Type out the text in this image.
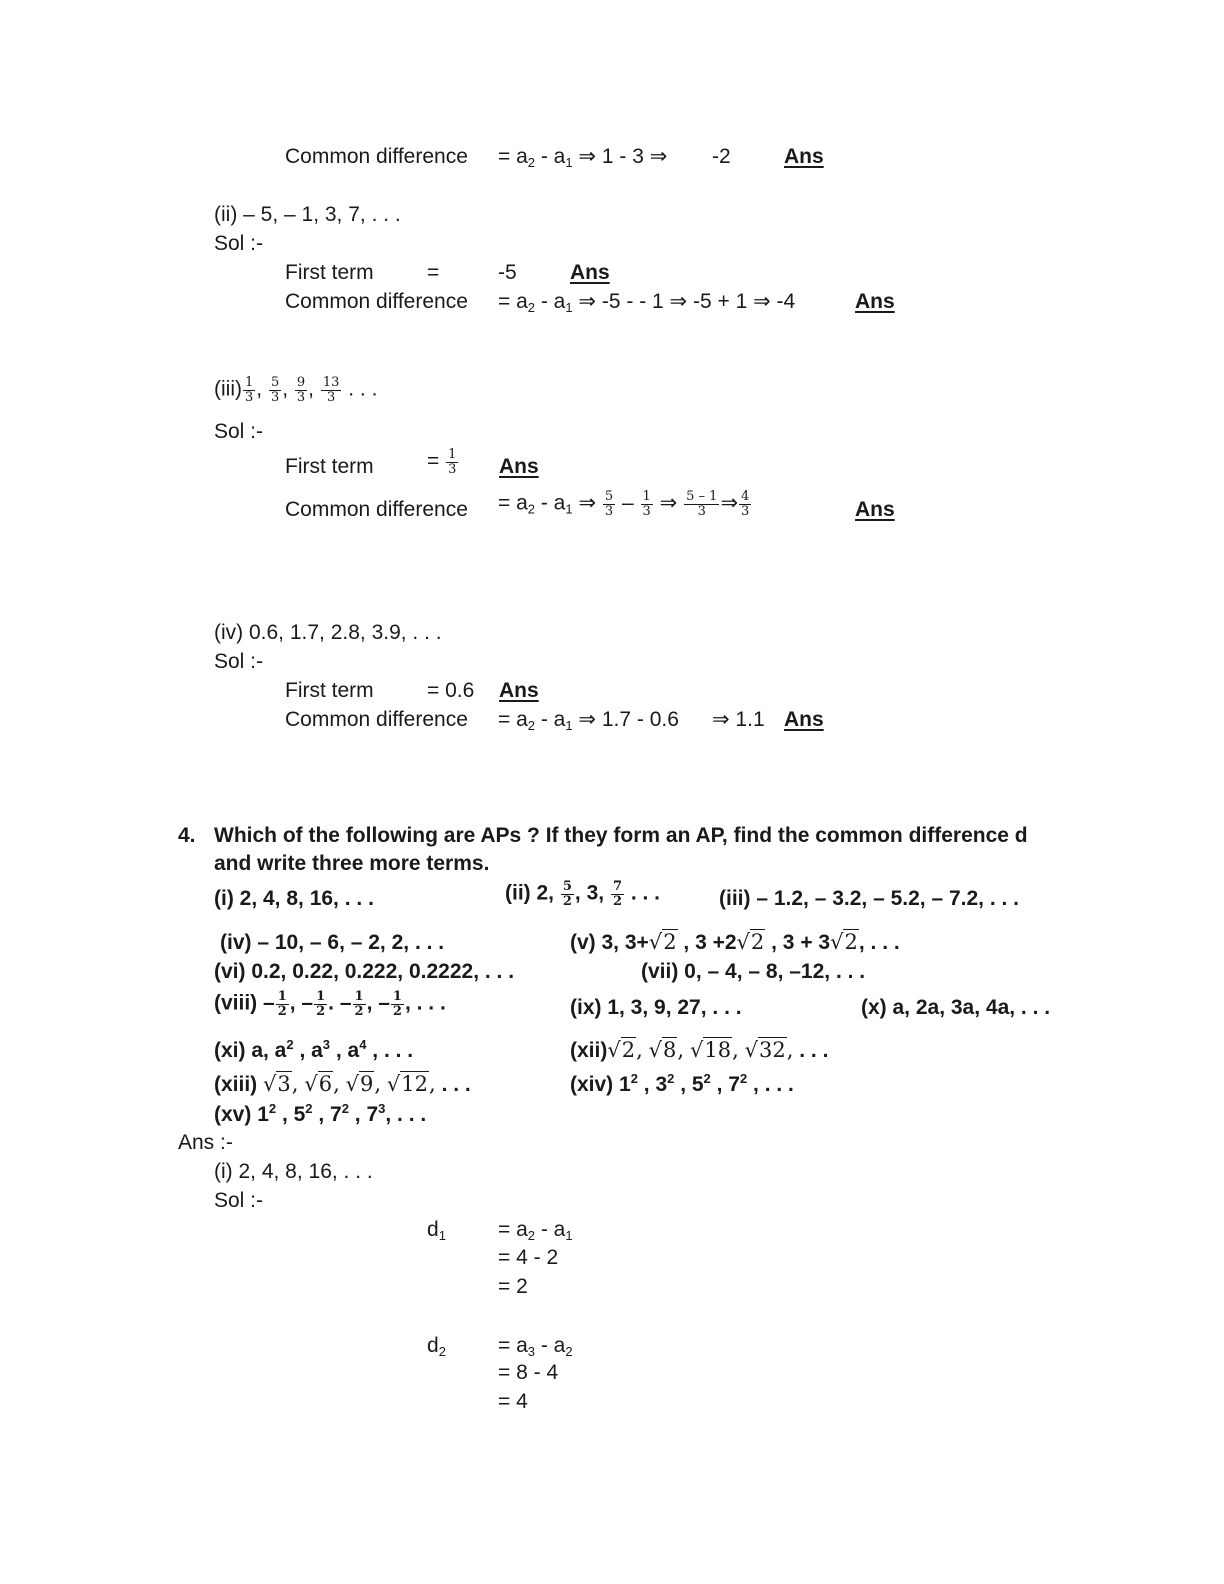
Common difference = $a_2 - a_1$ ⇒ 1 - 3 ⇒ -2	Ans
(ii) – 5, – 1, 3, 7, . . .
Sol :-
First term	=	-5	Ans
Common difference = $a_2 - a_1$ ⇒ -5 - - 1 ⇒ -5 + 1 ⇒ -4	Ans
$(iii) \frac{1}{3}$ , $\frac{5}{3}$ , $\frac{9}{3}$ , $\frac{13}{3}$ . . .
Sol :-
First term	= $\frac{1}{3}$ Ans
Common difference = $a_2 - a_1$ ⇒ $\frac{5}{3} - \frac{1}{3}$ ⇒ $\frac{5 - 1}{3}$ ⇒ $\frac{4}{3}$	Ans
(iv) 0.6, 1.7, 2.8, 3.9, . . .
Sol :-
First term	= 0.6 Ans
Common difference = $a_2 - a_1$ ⇒ 1.7 - 0.6 ⇒ 1.1 Ans
4. Which of the following are APs ? If they form an AP, find the common difference d
and write three more terms.
(i) 2, 4, 8, 16, . . .	(ii) 2, $\frac{5}{2}$ , 3, $\frac{7}{2}$ . . .	(iii) – 1.2, – 3.2, – 5.2, – 7.2, . . .
(iv) – 10, – 6, – 2, 2, . . .	(v) 3, 3+√2 , 3 +2√2 , 3 + 3√2, . . .
(vi) 0.2, 0.22, 0.222, 0.2222, . . .	(vii) 0, – 4, – 8, –12, . . .
(viii) – $\frac{1}{2}$ , – $\frac{1}{2}$ . – $\frac{1}{2}$ , – $\frac{1}{2}$ , . . .	(ix) 1, 3, 9, 27, . . .	(x) a, 2a, 3a, 4a, . . .
(xi) a, $a^2$ , $a^3$ , $a^4$ , . . .	(xii)√2, √8, √18, √32, . . .
(xiii) √3, √6, √9, √12, . . .	(xiv) $1^2$ , $3^2$ , $5^2$ , $7^2$ , . . .
(xv) $1^2$ , $5^2$ , $7^2$ , $7^3$, . . .
Ans :-
(i) 2, 4, 8, 16, . . .
Sol :-
$d_1 = a_2 - a_1$
= 4 - 2
= 2
$d_2 = a_3 - a_2$
= 8 - 4
= 4
